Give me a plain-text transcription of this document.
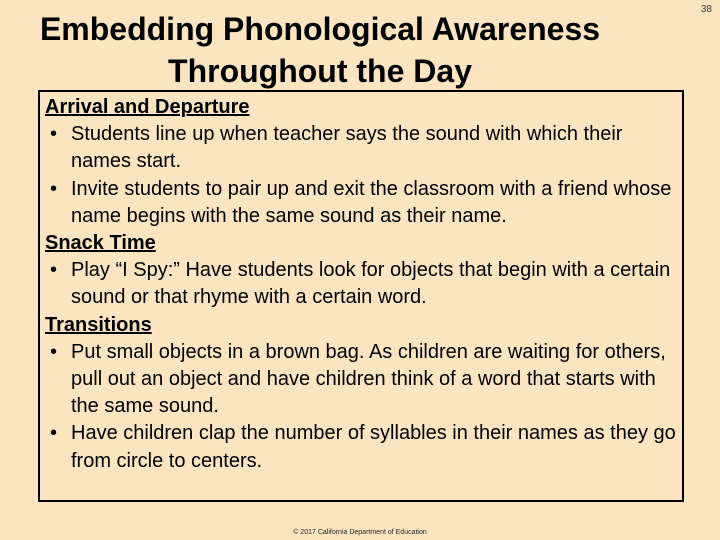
38
Embedding Phonological Awareness
Throughout the Day
Arrival and Departure
• Students line up when teacher says the sound with which their names start.
• Invite students to pair up and exit the classroom with a friend whose name begins with the same sound as their name.
Snack Time
• Play “I Spy:” Have students look for objects that begin with a certain sound or that rhyme with a certain word.
Transitions
• Put small objects in a brown bag. As children are waiting for others, pull out an object and have children think of a word that starts with the same sound.
• Have children clap the number of syllables in their names as they go from circle to centers.
© 2017 California Department of Education
